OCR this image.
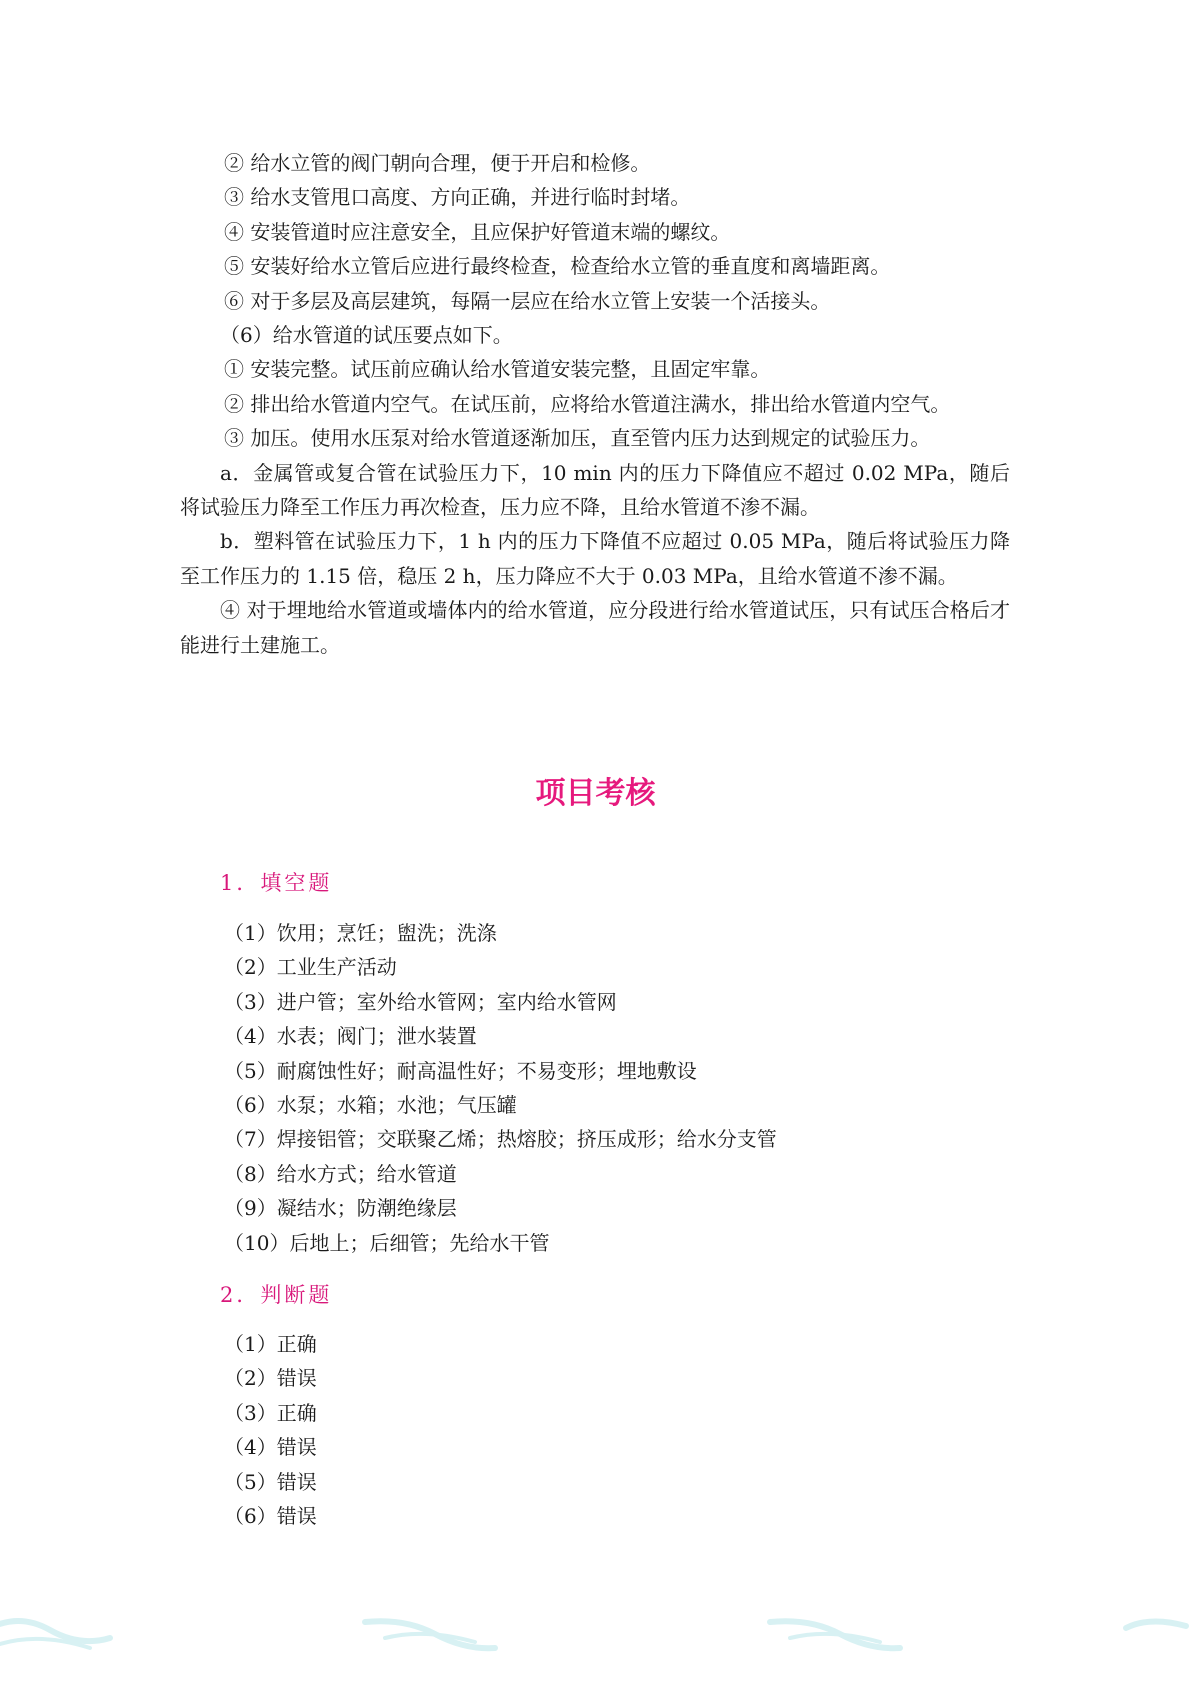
② 给水立管的阀门朝向合理，便于开启和检修。

③ 给水支管甩口高度、方向正确，并进行临时封堵。

④ 安装管道时应注意安全，且应保护好管道末端的螺纹。

⑤ 安装好给水立管后应进行最终检查，检查给水立管的垂直度和离墙距离。

⑥ 对于多层及高层建筑，每隔一层应在给水立管上安装一个活接头。

（6）给水管道的试压要点如下。

① 安装完整。试压前应确认给水管道安装完整，且固定牢靠。

② 排出给水管道内空气。在试压前，应将给水管道注满水，排出给水管道内空气。

③ 加压。使用水压泵对给水管道逐渐加压，直至管内压力达到规定的试验压力。

a．金属管或复合管在试验压力下，10 min 内的压力下降值应不超过 0.02 MPa，随后将试验压力降至工作压力再次检查，压力应不降，且给水管道不渗不漏。

b．塑料管在试验压力下，1 h 内的压力下降值不应超过 0.05 MPa，随后将试验压力降至工作压力的 1.15 倍，稳压 2 h，压力降应不大于 0.03 MPa，且给水管道不渗不漏。

④ 对于埋地给水管道或墙体内的给水管道，应分段进行给水管道试压，只有试压合格后才能进行土建施工。

项目考核

1．填空题

（1）饮用；烹饪；盥洗；洗涤

（2）工业生产活动

（3）进户管；室外给水管网；室内给水管网

（4）水表；阀门；泄水装置

（5）耐腐蚀性好；耐高温性好；不易变形；埋地敷设

（6）水泵；水箱；水池；气压罐

（7）焊接铝管；交联聚乙烯；热熔胶；挤压成形；给水分支管

（8）给水方式；给水管道

（9）凝结水；防潮绝缘层

（10）后地上；后细管；先给水干管

2．判断题

（1）正确

（2）错误

（3）正确

（4）错误

（5）错误

（6）错误
